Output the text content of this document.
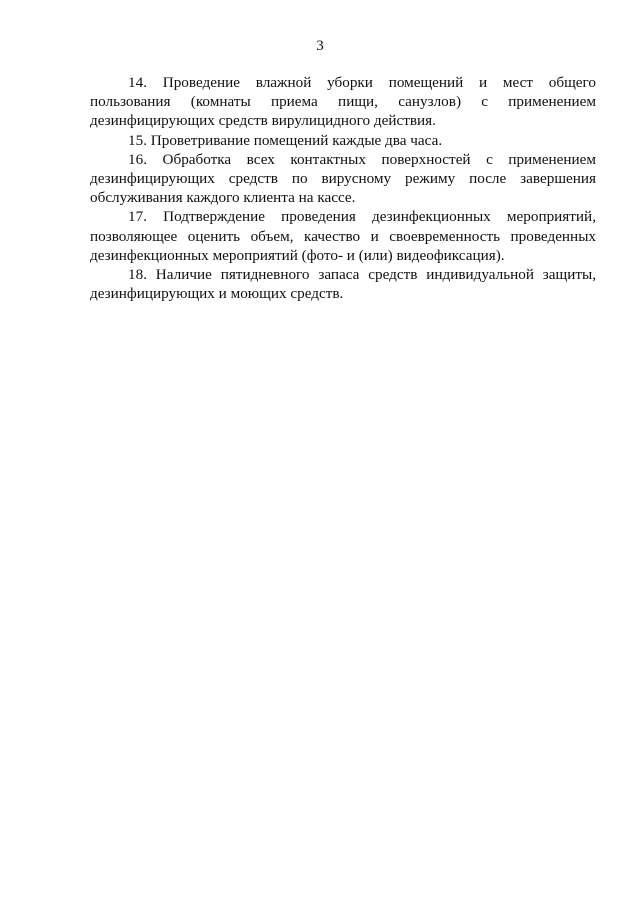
3

14. Проведение влажной уборки помещений и мест общего пользования (комнаты приема пищи, санузлов) с применением дезинфицирующих средств вирулицидного действия.

15. Проветривание помещений каждые два часа.

16. Обработка всех контактных поверхностей с применением дезинфицирующих средств по вирусному режиму после завершения обслуживания каждого клиента на кассе.

17. Подтверждение проведения дезинфекционных мероприятий, позволяющее оценить объем, качество и своевременность проведенных дезинфекционных мероприятий (фото- и (или) видеофиксация).

18. Наличие пятидневного запаса средств индивидуальной защиты, дезинфицирующих и моющих средств.
